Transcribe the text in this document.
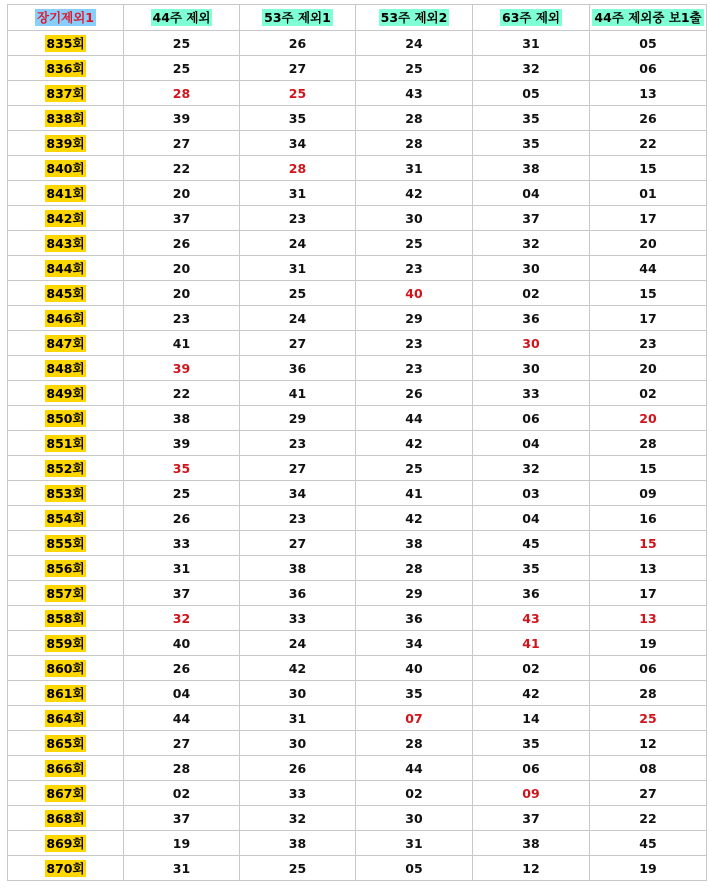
장기제외1	44주 제외	53주 제외1	53주 제외2	63주 제외	44주 제외중 보1출
835회	25	26	24	31	05
836회	25	27	25	32	06
837회	28	25	43	05	13
838회	39	35	28	35	26
839회	27	34	28	35	22
840회	22	28	31	38	15
841회	20	31	42	04	01
842회	37	23	30	37	17
843회	26	24	25	32	20
844회	20	31	23	30	44
845회	20	25	40	02	15
846회	23	24	29	36	17
847회	41	27	23	30	23
848회	39	36	23	30	20
849회	22	41	26	33	02
850회	38	29	44	06	20
851회	39	23	42	04	28
852회	35	27	25	32	15
853회	25	34	41	03	09
854회	26	23	42	04	16
855회	33	27	38	45	15
856회	31	38	28	35	13
857회	37	36	29	36	17
858회	32	33	36	43	13
859회	40	24	34	41	19
860회	26	42	40	02	06
861회	04	30	35	42	28
864회	44	31	07	14	25
865회	27	30	28	35	12
866회	28	26	44	06	08
867회	02	33	02	09	27
868회	37	32	30	37	22
869회	19	38	31	38	45
870회	31	25	05	12	19
